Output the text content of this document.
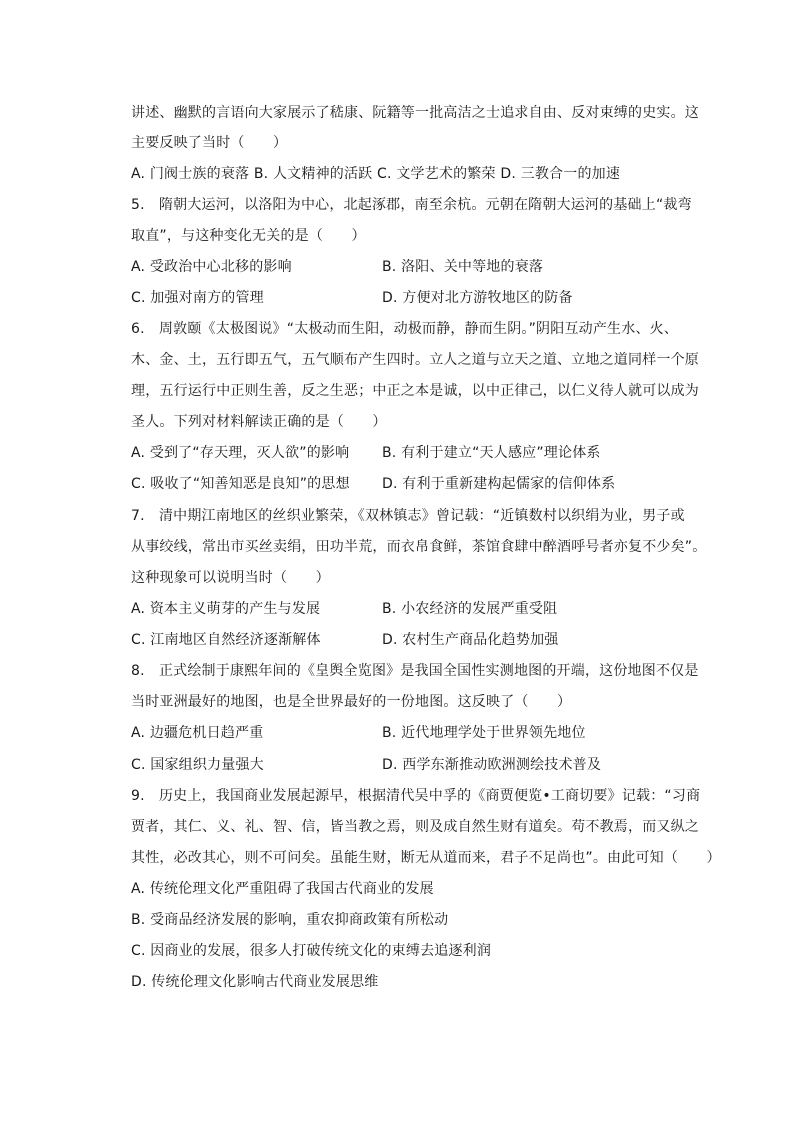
讲述、幽默的言语向大家展示了嵇康、阮籍等一批高洁之士追求自由、反对束缚的史实。这
主要反映了当时（　　）
A. 门阀士族的衰落 B. 人文精神的活跃 C. 文学艺术的繁荣 D. 三教合一的加速
5.　隋朝大运河，以洛阳为中心，北起涿郡，南至余杭。元朝在隋朝大运河的基础上“裁弯
取直”，与这种变化无关的是（　　）
A. 受政治中心北移的影响	B. 洛阳、关中等地的衰落
C. 加强对南方的管理	D. 方便对北方游牧地区的防备
6.　周敦颐《太极图说》“太极动而生阳，动极而静，静而生阴。”阴阳互动产生水、火、
木、金、土，五行即五气，五气顺布产生四时。立人之道与立天之道、立地之道同样一个原
理，五行运行中正则生善，反之生恶；中正之本是诚，以中正律己，以仁义待人就可以成为
圣人。下列对材料解读正确的是（　　）
A. 受到了“存天理，灭人欲”的影响 B. 有利于建立“天人感应”理论体系
C. 吸收了“知善知恶是良知”的思想 D. 有利于重新建构起儒家的信仰体系
7.　清中期江南地区的丝织业繁荣，《双林镇志》曾记载：“近镇数村以织绢为业，男子或
从事绞线，常出市买丝卖绢，田功半荒，而衣帛食鲜，茶馆食肆中醉酒呼号者亦复不少矣”。
这种现象可以说明当时（　　）
A. 资本主义萌芽的产生与发展	B. 小农经济的发展严重受阻
C. 江南地区自然经济逐渐解体	D. 农村生产商品化趋势加强
8.　正式绘制于康熙年间的《皇舆全览图》是我国全国性实测地图的开端，这份地图不仅是
当时亚洲最好的地图，也是全世界最好的一份地图。这反映了（　　）
A. 边疆危机日趋严重	B. 近代地理学处于世界领先地位
C. 国家组织力量强大	D. 西学东渐推动欧洲测绘技术普及
9.　历史上，我国商业发展起源早，根据清代吴中孚的《商贾便览•工商切要》记载：“习商
贾者，其仁、义、礼、智、信，皆当教之焉，则及成自然生财有道矣。苟不教焉，而又纵之
其性，必改其心，则不可问矣。虽能生财，断无从道而来，君子不足尚也”。由此可知（　　）
A. 传统伦理文化严重阻碍了我国古代商业的发展
B. 受商品经济发展的影响，重农抑商政策有所松动
C. 因商业的发展，很多人打破传统文化的束缚去追逐利润
D. 传统伦理文化影响古代商业发展思维
